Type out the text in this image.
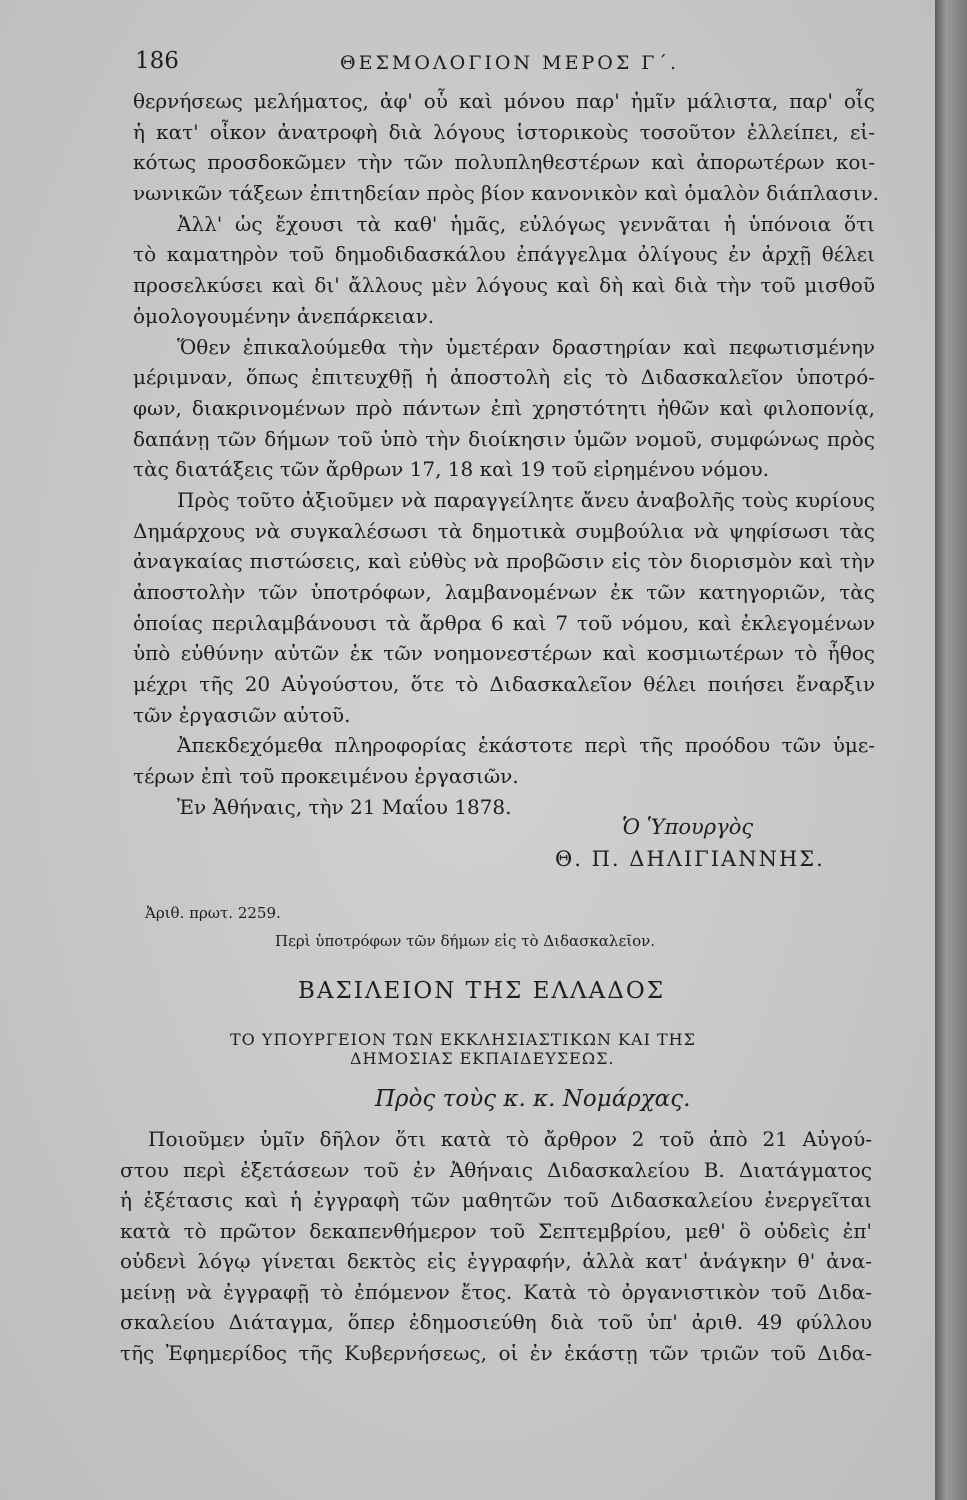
186	ΘΕΣΜΟΛΟΓΙΟΝ ΜΕΡΟΣ Γ΄.
θερνήσεως μελήματος, ἀφ' οὗ καὶ μόνου παρ' ἡμῖν μάλιστα, παρ' οἷς
ἡ κατ' οἶκον ἀνατροφὴ διὰ λόγους ἱστορικοὺς τοσοῦτον ἐλλείπει, εἰ-
κότως προσδοκῶμεν τὴν τῶν πολυπληθεστέρων καὶ ἀπορωτέρων κοι-
νωνικῶν τάξεων ἐπιτηδείαν πρὸς βίον κανονικὸν καὶ ὁμαλὸν διάπλασιν.
Ἀλλ' ὡς ἔχουσι τὰ καθ' ἡμᾶς, εὐλόγως γεννᾶται ἡ ὑπόνοια ὅτι
τὸ καματηρὸν τοῦ δημοδιδασκάλου ἐπάγγελμα ὀλίγους ἐν ἀρχῇ θέλει
προσελκύσει καὶ δι' ἄλλους μὲν λόγους καὶ δὴ καὶ διὰ τὴν τοῦ μισθοῦ
ὁμολογουμένην ἀνεπάρκειαν.
Ὅθεν ἐπικαλούμεθα τὴν ὑμετέραν δραστηρίαν καὶ πεφωτισμένην
μέριμναν, ὅπως ἐπιτευχθῇ ἡ ἀποστολὴ εἰς τὸ Διδασκαλεῖον ὑποτρό-
φων, διακρινομένων πρὸ πάντων ἐπὶ χρηστότητι ἠθῶν καὶ φιλοπονίᾳ,
δαπάνῃ τῶν δήμων τοῦ ὑπὸ τὴν διοίκησιν ὑμῶν νομοῦ, συμφώνως πρὸς
τὰς διατάξεις τῶν ἄρθρων 17, 18 καὶ 19 τοῦ εἰρημένου νόμου.
Πρὸς τοῦτο ἀξιοῦμεν νὰ παραγγείλητε ἄνευ ἀναβολῆς τοὺς κυρίους
Δημάρχους νὰ συγκαλέσωσι τὰ δημοτικὰ συμβούλια νὰ ψηφίσωσι τὰς
ἀναγκαίας πιστώσεις, καὶ εὐθὺς νὰ προβῶσιν εἰς τὸν διορισμὸν καὶ τὴν
ἀποστολὴν τῶν ὑποτρόφων, λαμβανομένων ἐκ τῶν κατηγοριῶν, τὰς
ὁποίας περιλαμβάνουσι τὰ ἄρθρα 6 καὶ 7 τοῦ νόμου, καὶ ἐκλεγομένων
ὑπὸ εὐθύνην αὐτῶν ἐκ τῶν νοημονεστέρων καὶ κοσμιωτέρων τὸ ἦθος
μέχρι τῆς 20 Αὐγούστου, ὅτε τὸ Διδασκαλεῖον θέλει ποιήσει ἔναρξιν
τῶν ἐργασιῶν αὐτοῦ.
Ἀπεκδεχόμεθα πληροφορίας ἑκάστοτε περὶ τῆς προόδου τῶν ὑμε-
τέρων ἐπὶ τοῦ προκειμένου ἐργασιῶν.
Ἐν Ἀθήναις, τὴν 21 Μαΐου 1878.
Ὁ Ὑπουργὸς
Θ. Π. ΔΗΛΙΓΙΑΝΝΗΣ.
Ἀριθ. πρωτ. 2259.
Περὶ ὑποτρόφων τῶν δήμων εἰς τὸ Διδασκαλεῖον.
ΒΑΣΙΛΕΙΟΝ ΤΗΣ ΕΛΛΑΔΟΣ
ΤΟ ΥΠΟΥΡΓΕΙΟΝ ΤΩΝ ΕΚΚΛΗΣΙΑΣΤΙΚΩΝ ΚΑΙ ΤΗΣ
ΔΗΜΟΣΙΑΣ ΕΚΠΑΙΔΕΥΣΕΩΣ.
Πρὸς τοὺς κ. κ. Νομάρχας.
Ποιοῦμεν ὑμῖν δῆλον ὅτι κατὰ τὸ ἄρθρον 2 τοῦ ἀπὸ 21 Αὐγού-
στου περὶ ἐξετάσεων τοῦ ἐν Ἀθήναις Διδασκαλείου Β. Διατάγματος
ἡ ἐξέτασις καὶ ἡ ἐγγραφὴ τῶν μαθητῶν τοῦ Διδασκαλείου ἐνεργεῖται
κατὰ τὸ πρῶτον δεκαπενθήμερον τοῦ Σεπτεμβρίου, μεθ' ὃ οὐδεὶς ἐπ'
οὐδενὶ λόγῳ γίνεται δεκτὸς εἰς ἐγγραφήν, ἀλλὰ κατ' ἀνάγκην θ' ἀνα-
μείνῃ νὰ ἐγγραφῇ τὸ ἐπόμενον ἔτος. Κατὰ τὸ ὀργανιστικὸν τοῦ Διδα-
σκαλείου Διάταγμα, ὅπερ ἐδημοσιεύθη διὰ τοῦ ὑπ' ἀριθ. 49 φύλλου
τῆς Ἐφημερίδος τῆς Κυβερνήσεως, οἱ ἐν ἑκάστῃ τῶν τριῶν τοῦ Διδα-
